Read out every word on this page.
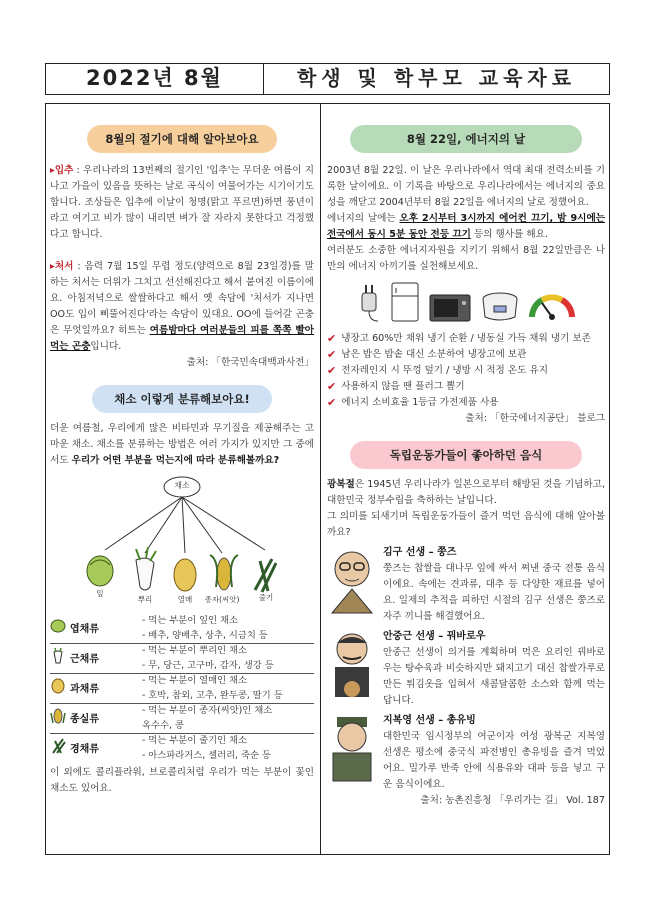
2022년 8월	학생 및 학부모 교육자료
8월의 절기에 대해 알아보아요

▸입추 : 우리나라의 13번째의 절기인 '입추'는 무더운 여름이 지나고 가을이 있음을 뜻하는 날로 곡식이 여물어가는 시기이기도 합니다. 조상들은 입추에 이날이 청명(맑고 푸르면)하면 풍년이라고 여기고 비가 많이 내리면 벼가 잘 자라지 못한다고 걱정했다고 합니다.

▸처서 : 음력 7월 15일 무렵 정도(양력으로 8월 23일경)를 말하는 처서는 더위가 그치고 선선해진다고 해서 붙여진 이름이에요. 아침저녁으로 쌀쌀하다고 해서 옛 속담에 '처서가 지나면 OO도 입이 삐뚤어진다'라는 속담이 있대요. OO에 들어갈 곤충은 무엇일까요? 히트는 여름밤마다 여러분들의 피를 쪽쪽 빨아먹는 곤충입니다.

출처: 「한국민속대백과사전」
채소 이렇게 분류해보아요!

더운 여름철, 우리에게 많은 비타민과 무기질을 제공해주는 고마운 채소. 채소를 분류하는 방법은 여러 가지가 있지만 그 중에서도 우리가 어떤 부분을 먹는지에 따라 분류해볼까요?

채소
잎
뿌리	열매	종자(씨앗)	줄기
엽채류	- 먹는 부분이 잎인 채소
- 배추, 양배추, 상추, 시금치 등

근채류	- 먹는 부분이 뿌리인 채소
- 무, 당근, 고구마, 감자, 생강 등

과채류	- 먹는 부분이 열매인 채소
- 호박, 참외, 고추, 완두콩, 딸기 등

종실류	- 먹는 부분이 종자(씨앗)인 채소
옥수수, 콩

경채류	- 먹는 부분이 줄기인 채소
- 아스파라거스, 셀러리, 죽순 등

이 외에도 콜리플라워, 브로콜리처럼 우리가 먹는 부분이 꽃인 채소도 있어요.

8월 22일, 에너지의 날

2003년 8월 22일. 이 날은 우리나라에서 역대 최대 전력소비를 기록한 날이에요. 이 기록을 바탕으로 우리나라에서는 에너지의 중요성을 깨닫고 2004년부터 8월 22일을 에너지의 날로 정했어요.

에너지의 날에는 오후 2시부터 3시까지 에어컨 끄기, 밤 9시에는 전국에서 동시 5분 동안 전등 끄기 등의 행사를 해요.

여러분도 소중한 에너지자원을 지키기 위해서 8월 22일만큼은 나만의 에너지 아끼기를 실천해보세요.

✔ 냉장고 60%만 채워 냉기 순환 / 냉동실 가득 채워 냉기 보존
✔ 남은 밥은 밥솥 대신 소분하여 냉장고에 보관
✔ 전자레인지 시 뚜껑 덮기 / 냉방 시 적정 온도 유지
✔ 사용하지 않을 땐 플러그 뽑기
✔ 에너지 소비효율 1등급 가전제품 사용
출처: 「한국에너지공단」 블로그
독립운동가들이 좋아하던 음식

광복절은 1945년 우리나라가 일본으로부터 해방된 것을 기념하고, 대한민국 정부수립을 축하하는 날입니다.

그 의미를 되새기며 독립운동가들이 즐겨 먹던 음식에 대해 알아볼까요?

김구 선생 – 쭝즈

쭝즈는 찹쌀을 대나무 잎에 싸서 쪄낸 중국 전통 음식이에요. 속에는 견과류, 대추 등 다양한 재료를 넣어요. 일제의 추적을 피하던 시절의 김구 선생은 쭝즈로 자주 끼니를 해결했어요.

안중근 선생 – 꿔바로우

안중근 선생이 의거를 계획하며 먹은 요리인 꿔바로우는 탕수육과 비슷하지만 돼지고기 대신 찹쌀가루로 만든 튀김옷을 입혀서 새콤달콤한 소스와 함께 먹는답니다.

지복영 선생 – 총유빙

대한민국 임시정부의 여군이자 여성 광복군 지복영 선생은 평소에 중국식 파전병인 총유빙을 즐겨 먹었어요. 밀가루 반죽 안에 식용유와 대파 등을 넣고 구운 음식이에요.

출처: 농촌진흥청 「우리가는 길」 Vol. 187
